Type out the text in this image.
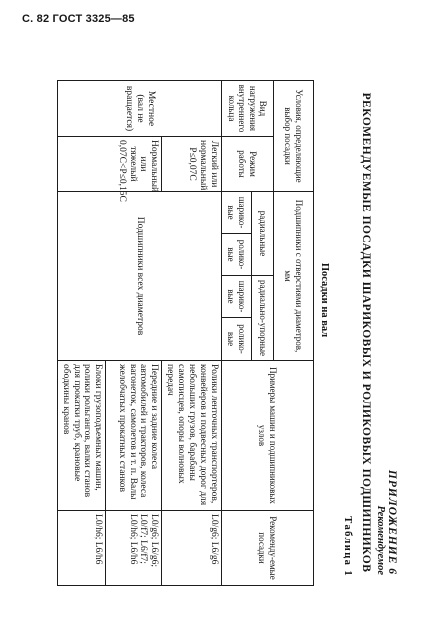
С. 82 ГОСТ 3325—85
ПРИЛОЖЕНИЕ 6
Рекомендуемое
РЕКОМЕНДУЕМЫЕ ПОСАДКИ ШАРИКОВЫХ И РОЛИКОВЫХ ПОДШИПНИКОВ
Таблица 1
Посадки на вал
Условия, определяющие выбор посадки		Подшипники с отверстиями диаметров, мм				Примеры машин и подшипниковых узлов	Рекоменду-емые посадки
Вид нагружения внутреннего кольца	Режим работы	радиальные		радиально-упорные			
		шарико-вые	ролико-вые	шарико-вые	ролико-вые		
Местное (вал не вращается)	Легкий или нормальный P≤0,07C	Подшипники всех диаметров				Ролики ленточных транспортеров, конвейеров и подвесных дорог для небольших грузов, барабаны самописцев, опоры волновых передач	L0/g6; L6/g6
	Нормальный или тяжелый 0,07C<P≤0,15C					Передние и задние колеса автомобилей и тракторов, колеса вагонеток, самолетов и т. п. Валы желобчатых прокатных станков	L0/g6; L6/g6; L0/f7; L6/f7; L0/h6; L6/h6
						Блоки грузоподъемных машин, ролики рольгангов, валки станов для прокатки труб, крановые ободкины кранов	L0/h6; L6/h6
